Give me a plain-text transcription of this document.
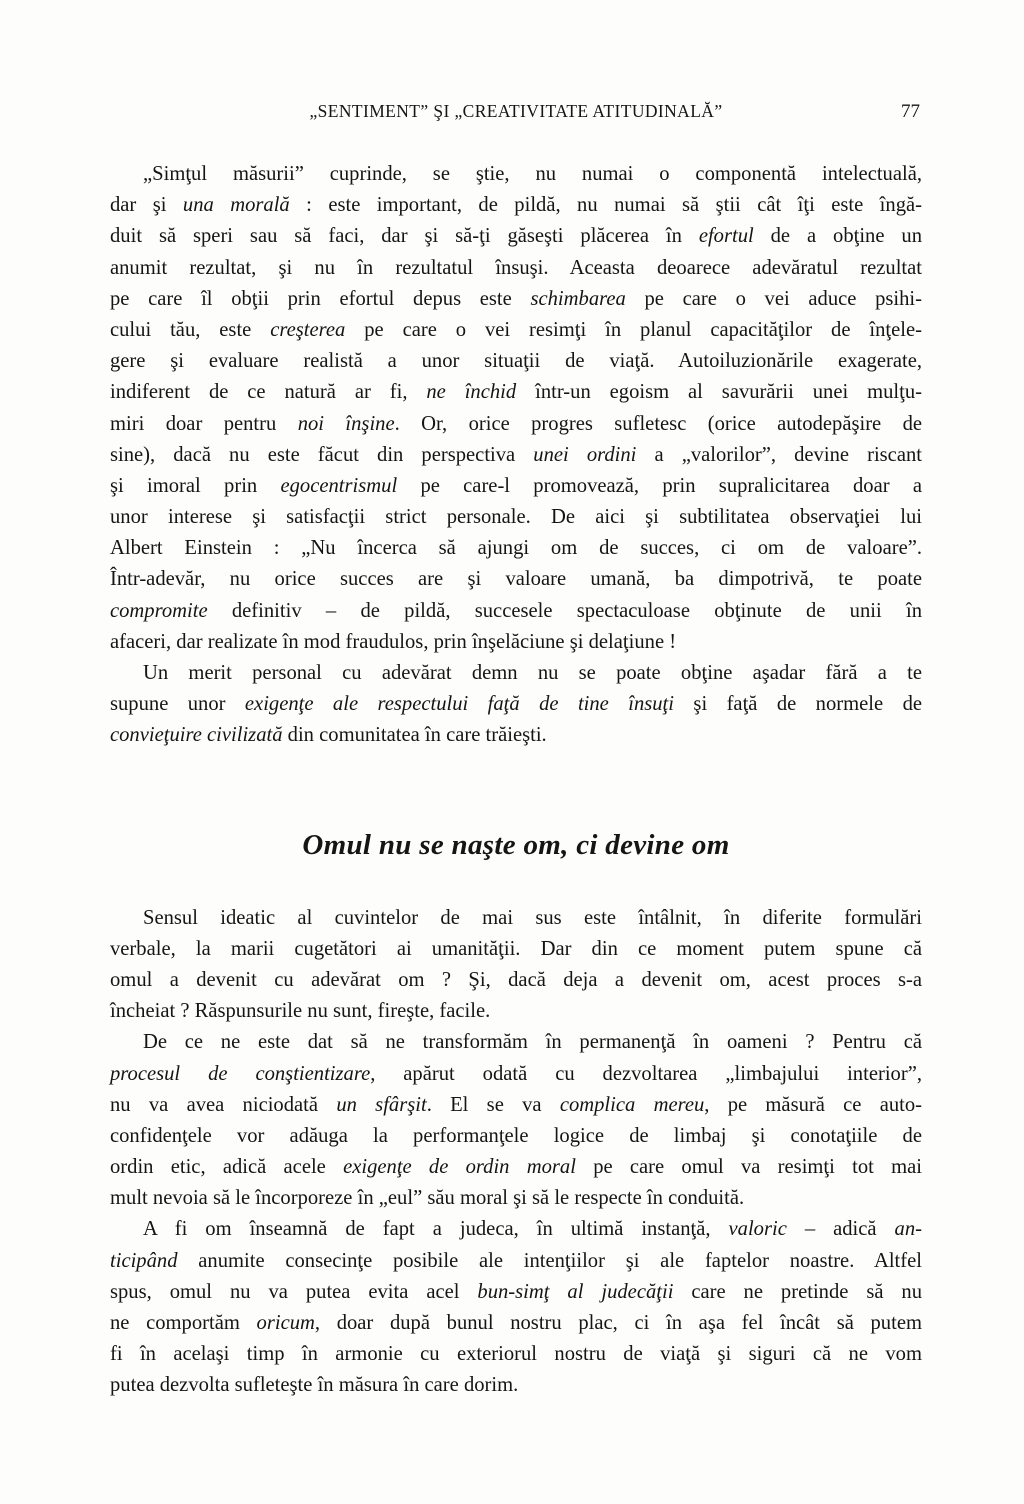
„SENTIMENT” ŞI „CREATIVITATE ATITUDINALĂ”	77
„Simţul măsurii” cuprinde, se ştie, nu numai o componentă intelectuală,
dar şi una morală : este important, de pildă, nu numai să ştii cât îţi este îngă-
duit să speri sau să faci, dar şi să-ţi găseşti plăcerea în efortul de a obţine un
anumit rezultat, şi nu în rezultatul însuşi. Aceasta deoarece adevăratul rezultat
pe care îl obţii prin efortul depus este schimbarea pe care o vei aduce psihi-
cului tău, este creşterea pe care o vei resimţi în planul capacităţilor de înţele-
gere şi evaluare realistă a unor situaţii de viaţă. Autoiluzionările exagerate,
indiferent de ce natură ar fi, ne închid într-un egoism al savurării unei mulţu-
miri doar pentru noi înşine. Or, orice progres sufletesc (orice autodepăşire de
sine), dacă nu este făcut din perspectiva unei ordini a „valorilor”, devine riscant
şi imoral prin egocentrismul pe care-l promovează, prin supralicitarea doar a
unor interese şi satisfacţii strict personale. De aici şi subtilitatea observaţiei lui
Albert Einstein : „Nu încerca să ajungi om de succes, ci om de valoare”.
Într-adevăr, nu orice succes are şi valoare umană, ba dimpotrivă, te poate
compromite definitiv – de pildă, succesele spectaculoase obţinute de unii în
afaceri, dar realizate în mod fraudulos, prin înşelăciune şi delaţiune !
Un merit personal cu adevărat demn nu se poate obţine aşadar fără a te
supune unor exigenţe ale respectului faţă de tine însuţi şi faţă de normele de
convieţuire civilizată din comunitatea în care trăieşti.
Omul nu se naşte om, ci devine om
Sensul ideatic al cuvintelor de mai sus este întâlnit, în diferite formulări
verbale, la marii cugetători ai umanităţii. Dar din ce moment putem spune că
omul a devenit cu adevărat om ? Şi, dacă deja a devenit om, acest proces s-a
încheiat ? Răspunsurile nu sunt, fireşte, facile.
De ce ne este dat să ne transformăm în permanenţă în oameni ? Pentru că
procesul de conştientizare, apărut odată cu dezvoltarea „limbajului interior”,
nu va avea niciodată un sfârşit. El se va complica mereu, pe măsură ce auto-
confidenţele vor adăuga la performanţele logice de limbaj şi conotaţiile de
ordin etic, adică acele exigenţe de ordin moral pe care omul va resimţi tot mai
mult nevoia să le încorporeze în „eul” său moral şi să le respecte în conduită.
A fi om înseamnă de fapt a judeca, în ultimă instanţă, valoric – adică an-
ticipând anumite consecinţe posibile ale intenţiilor şi ale faptelor noastre. Altfel
spus, omul nu va putea evita acel bun-simţ al judecăţii care ne pretinde să nu
ne comportăm oricum, doar după bunul nostru plac, ci în aşa fel încât să putem
fi în acelaşi timp în armonie cu exteriorul nostru de viaţă şi siguri că ne vom
putea dezvolta sufleteşte în măsura în care dorim.
